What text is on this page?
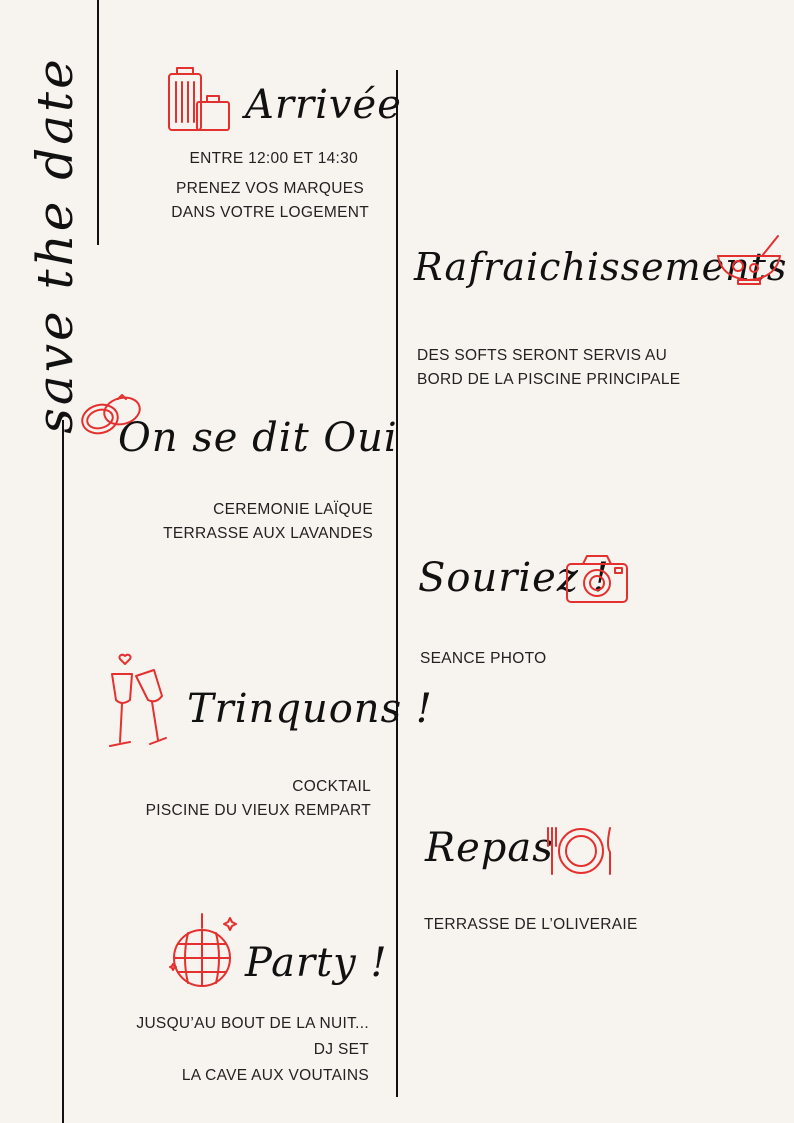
save the date	Arrivée
ENTRE 12:00 ET 14:30
PRENEZ VOS MARQUES
DANS VOTRE LOGEMENT
Rafraichissements
DES SOFTS SERONT SERVIS AU
BORD DE LA PISCINE PRINCIPALE
On se dit Oui
CEREMONIE LAÏQUE
TERRASSE AUX LAVANDES
Souriez !
SEANCE PHOTO
Trinquons !
COCKTAIL
PISCINE DU VIEUX REMPART
Repas
TERRASSE DE L’OLIVERAIE
Party !
JUSQU’AU BOUT DE LA NUIT...
DJ SET
LA CAVE AUX VOUTAINS
